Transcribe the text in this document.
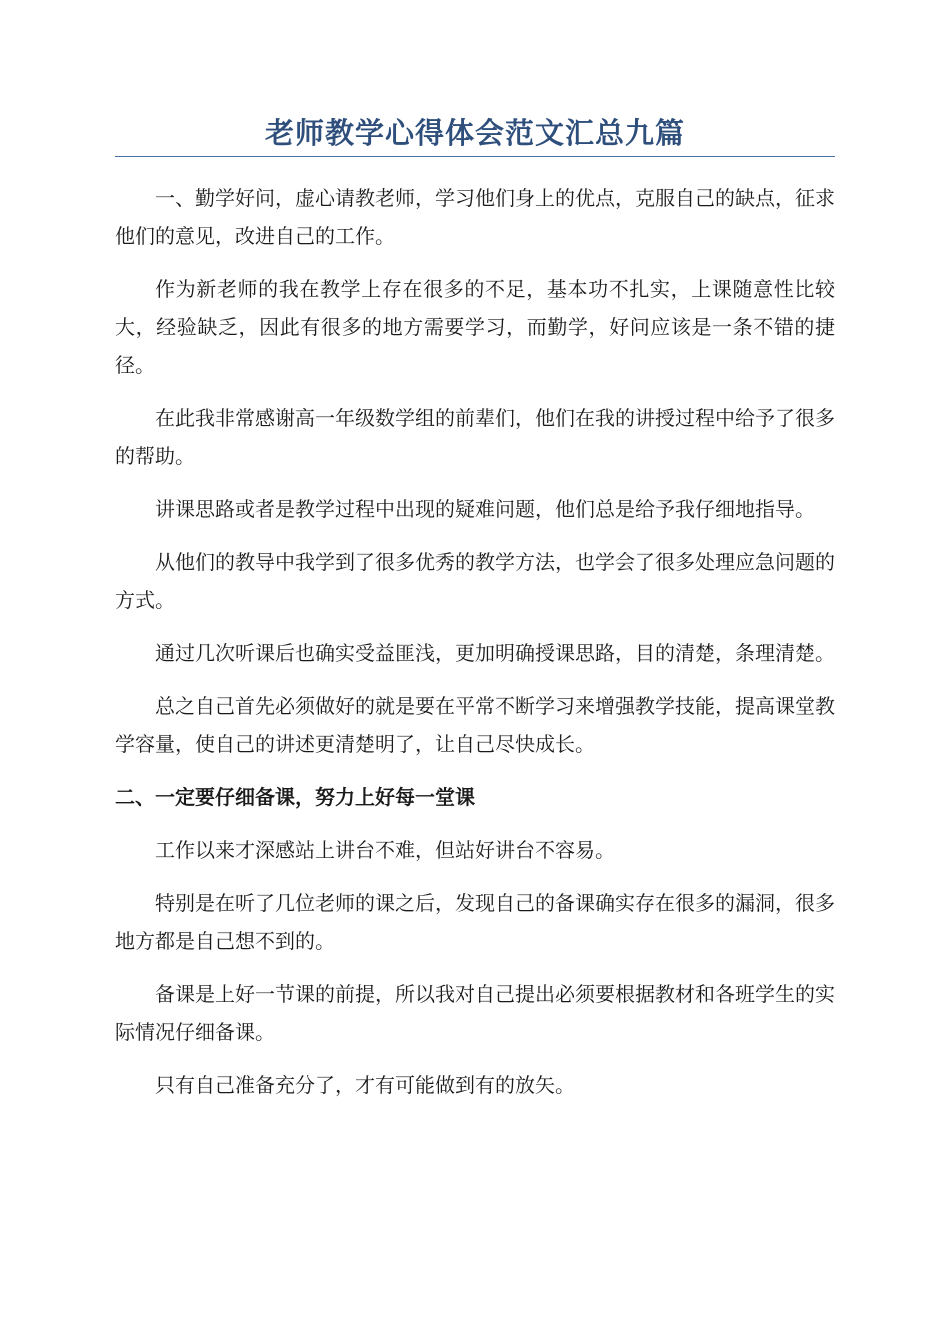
老师教学心得体会范文汇总九篇

一、勤学好问，虚心请教老师，学习他们身上的优点，克服自己的缺点，征求他们的意见，改进自己的工作。

作为新老师的我在教学上存在很多的不足，基本功不扎实，上课随意性比较大，经验缺乏，因此有很多的地方需要学习，而勤学，好问应该是一条不错的捷径。

在此我非常感谢高一年级数学组的前辈们，他们在我的讲授过程中给予了很多的帮助。

讲课思路或者是教学过程中出现的疑难问题，他们总是给予我仔细地指导。

从他们的教导中我学到了很多优秀的教学方法，也学会了很多处理应急问题的方式。

通过几次听课后也确实受益匪浅，更加明确授课思路，目的清楚，条理清楚。

总之自己首先必须做好的就是要在平常不断学习来增强教学技能，提高课堂教学容量，使自己的讲述更清楚明了，让自己尽快成长。

二、一定要仔细备课，努力上好每一堂课

工作以来才深感站上讲台不难，但站好讲台不容易。

特别是在听了几位老师的课之后，发现自己的备课确实存在很多的漏洞，很多地方都是自己想不到的。

备课是上好一节课的前提，所以我对自己提出必须要根据教材和各班学生的实际情况仔细备课。

只有自己准备充分了，才有可能做到有的放矢。
